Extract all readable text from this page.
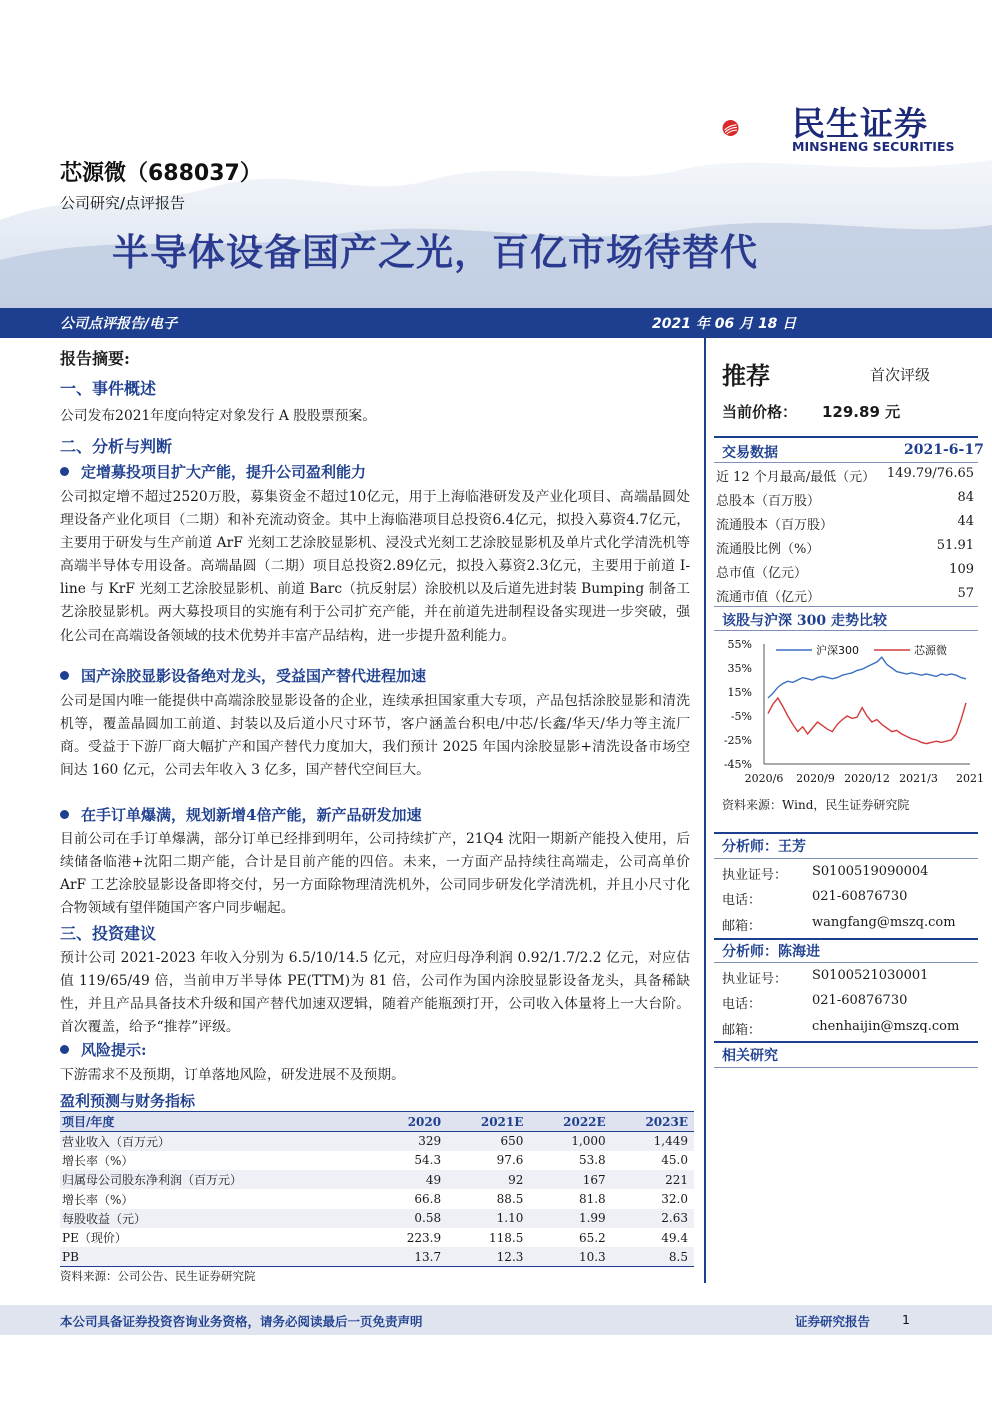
民生证券
MINSHENG SECURITIES
芯源微（688037）
公司研究/点评报告
半导体设备国产之光，百亿市场待替代
公司点评报告/电子	2021 年 06 月 18 日
报告摘要:
一、事件概述
公司发布2021年度向特定对象发行 A 股股票预案。
二、分析与判断
定增募投项目扩大产能，提升公司盈利能力
公司拟定增不超过2520万股，募集资金不超过10亿元，用于上海临港研发及产业化项目、高端晶圆处理设备产业化项目（二期）和补充流动资金。其中上海临港项目总投资6.4亿元，拟投入募资4.7亿元，主要用于研发与生产前道 ArF 光刻工艺涂胶显影机、浸没式光刻工艺涂胶显影机及单片式化学清洗机等高端半导体专用设备。高端晶圆（二期）项目总投资2.89亿元，拟投入募资2.3亿元，主要用于前道 I-line 与 KrF 光刻工艺涂胶显影机、前道 Barc（抗反射层）涂胶机以及后道先进封装 Bumping 制备工艺涂胶显影机。两大募投项目的实施有利于公司扩充产能，并在前道先进制程设备实现进一步突破，强化公司在高端设备领域的技术优势并丰富产品结构，进一步提升盈利能力。
国产涂胶显影设备绝对龙头，受益国产替代进程加速
公司是国内唯一能提供中高端涂胶显影设备的企业，连续承担国家重大专项，产品包括涂胶显影和清洗机等，覆盖晶圆加工前道、封装以及后道小尺寸环节，客户涵盖台积电/中芯/长鑫/华天/华力等主流厂商。受益于下游厂商大幅扩产和国产替代力度加大，我们预计 2025 年国内涂胶显影+清洗设备市场空间达 160 亿元，公司去年收入 3 亿多，国产替代空间巨大。
在手订单爆满，规划新增4倍产能，新产品研发加速
目前公司在手订单爆满，部分订单已经排到明年，公司持续扩产，21Q4 沈阳一期新产能投入使用，后续储备临港+沈阳二期产能，合计是目前产能的四倍。未来，一方面产品持续往高端走，公司高单价 ArF 工艺涂胶显影设备即将交付，另一方面除物理清洗机外，公司同步研发化学清洗机，并且小尺寸化合物领域有望伴随国产客户同步崛起。
三、投资建议
预计公司 2021-2023 年收入分别为 6.5/10/14.5 亿元，对应归母净利润 0.92/1.7/2.2 亿元，对应估值 119/65/49 倍，当前申万半导体 PE(TTM)为 81 倍，公司作为国内涂胶显影设备龙头，具备稀缺性，并且产品具备技术升级和国产替代加速双逻辑，随着产能瓶颈打开，公司收入体量将上一大台阶。首次覆盖，给予“推荐”评级。
风险提示:
下游需求不及预期，订单落地风险，研发进展不及预期。
盈利预测与财务指标
项目/年度	2020	2021E	2022E	2023E
营业收入（百万元）	329	650	1,000	1,449
增长率（%）	54.3	97.6	53.8	45.0
归属母公司股东净利润（百万元）	49	92	167	221
增长率（%）	66.8	88.5	81.8	32.0
每股收益（元）	0.58	1.10	1.99	2.63
PE（现价）	223.9	118.5	65.2	49.4
PB	13.7	12.3	10.3	8.5
资料来源：公司公告、民生证券研究院
推荐	首次评级
当前价格： 129.89 元
交易数据	2021-6-17
近 12 个月最高/最低（元） 149.79/76.65
总股本（百万股）	84
流通股本（百万股）	44
流通股比例（%）	51.91
总市值（亿元）	109
流通市值（亿元）	57
该股与沪深 300 走势比较
55%
35%
15%
-5%
-25%
-45%
2020/6 2020/9 2020/12 2021/3 2021
沪深300	芯源微
资料来源：Wind，民生证券研究院
分析师：王芳
执业证号： S0100519090004
电话：	021-60876730
邮箱：	wangfang@mszq.com
分析师：陈海进
执业证号： S0100521030001
电话：	021-60876730
邮箱：	chenhaijin@mszq.com
相关研究
本公司具备证券投资咨询业务资格，请务必阅读最后一页免责声明	证券研究报告	1
